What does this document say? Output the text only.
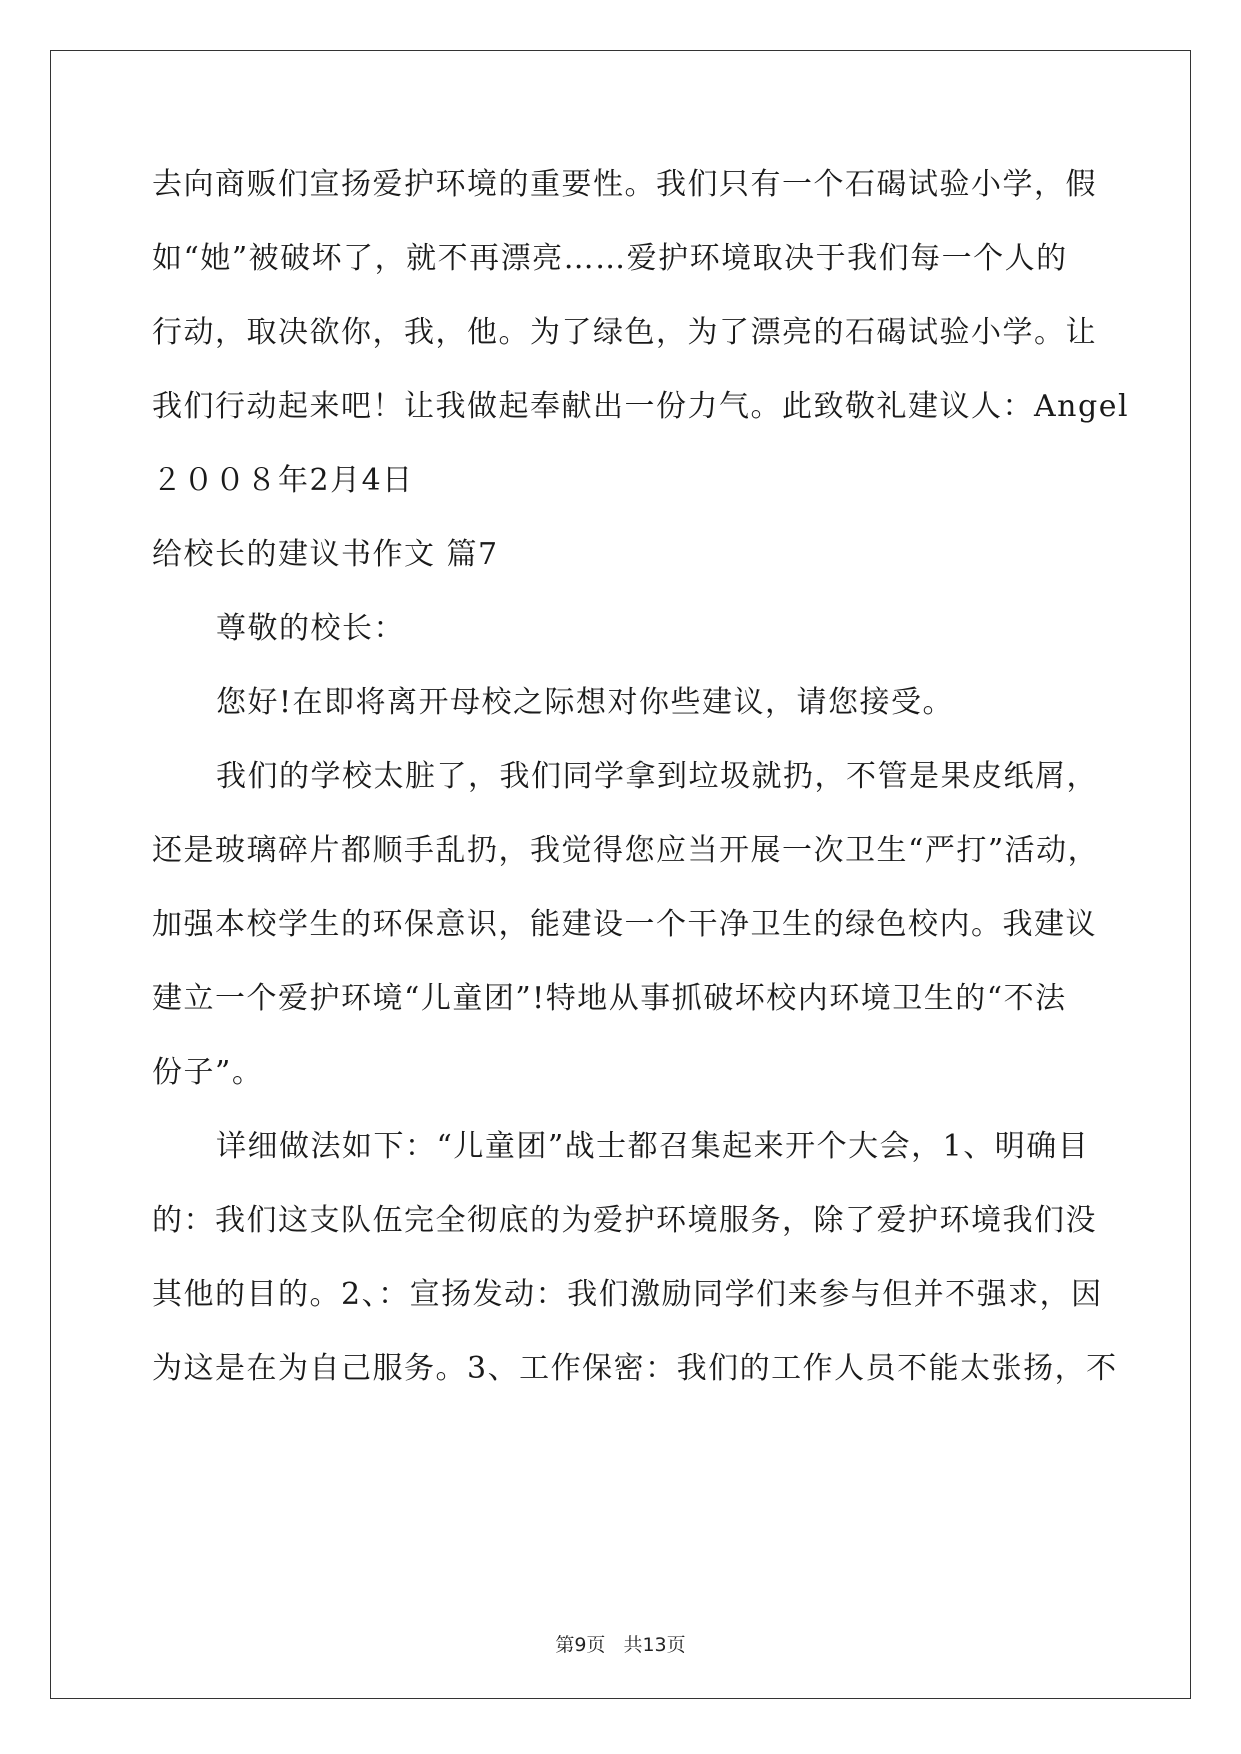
去向商贩们宣扬爱护环境的重要性。我们只有一个石碣试验小学，假
如“她”被破坏了，就不再漂亮……爱护环境取决于我们每一个人的
行动，取决欲你，我，他。为了绿色，为了漂亮的石碣试验小学。让
我们行动起来吧！让我做起奉献出一份力气。此致敬礼建议人：Angel
２００８年2月4日
给校长的建议书作文 篇7
尊敬的校长：
您好!在即将离开母校之际想对你些建议，请您接受。
我们的学校太脏了，我们同学拿到垃圾就扔，不管是果皮纸屑，
还是玻璃碎片都顺手乱扔，我觉得您应当开展一次卫生“严打”活动，
加强本校学生的环保意识，能建设一个干净卫生的绿色校内。我建议
建立一个爱护环境“儿童团”!特地从事抓破坏校内环境卫生的“不法
份子”。
详细做法如下：“儿童团”战士都召集起来开个大会，1、明确目
的：我们这支队伍完全彻底的为爱护环境服务，除了爱护环境我们没
其他的目的。2、：宣扬发动：我们激励同学们来参与但并不强求，因
为这是在为自己服务。3、工作保密：我们的工作人员不能太张扬，不
第9页 共13页
